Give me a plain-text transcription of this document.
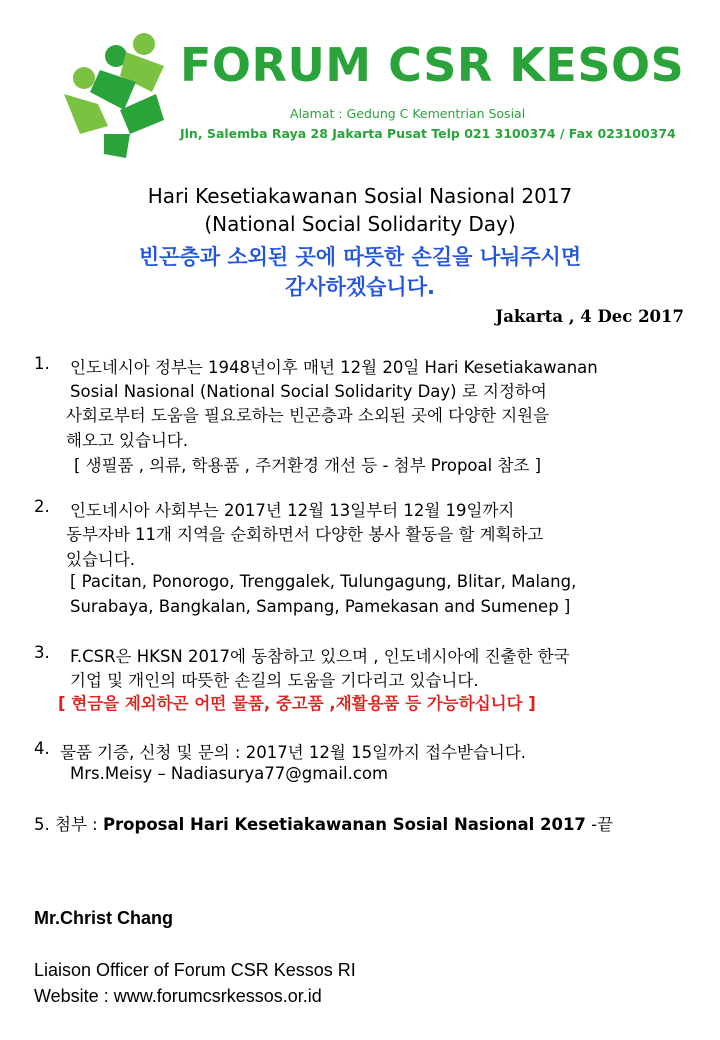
FORUM CSR KESOS
Alamat : Gedung C Kementrian Sosial
Jln, Salemba Raya 28 Jakarta Pusat Telp 021 3100374 / Fax 023100374
Hari Kesetiakawanan Sosial Nasional 2017
(National Social Solidarity Day)
빈곤층과 소외된 곳에 따뜻한 손길을 나눠주시면
감사하겠습니다.
Jakarta , 4 Dec 2017
1. 인도네시아 정부는 1948년이후 매년 12월 20일 Hari Kesetiakawanan
Sosial Nasional (National Social Solidarity Day) 로 지정하여
사회로부터 도움을 필요로하는 빈곤층과 소외된 곳에 다양한 지원을
해오고 있습니다.
[ 생필품 , 의류, 학용품 , 주거환경 개선 등 - 첨부 Propoal 참조 ]
2. 인도네시아 사회부는 2017년 12월 13일부터 12월 19일까지
동부자바 11개 지역을 순회하면서 다양한 봉사 활동을 할 계획하고
있습니다.
[ Pacitan, Ponorogo, Trenggalek, Tulungagung, Blitar, Malang,
Surabaya, Bangkalan, Sampang, Pamekasan and Sumenep ]
3. F.CSR은 HKSN 2017에 동참하고 있으며 , 인도네시아에 진출한 한국
기업 및 개인의 따뜻한 손길의 도움을 기다리고 있습니다.
[ 현금을 제외하곤 어떤 물품, 중고품 ,재활용품 등 가능하십니다 ]
4. 물품 기증, 신청 및 문의 : 2017년 12월 15일까지 접수받습니다.
Mrs.Meisy – Nadiasurya77@gmail.com
5. 첨부 : Proposal Hari Kesetiakawanan Sosial Nasional 2017 -끝
Mr.Christ Chang
Liaison Officer of Forum CSR Kessos RI
Website : www.forumcsrkessos.or.id
